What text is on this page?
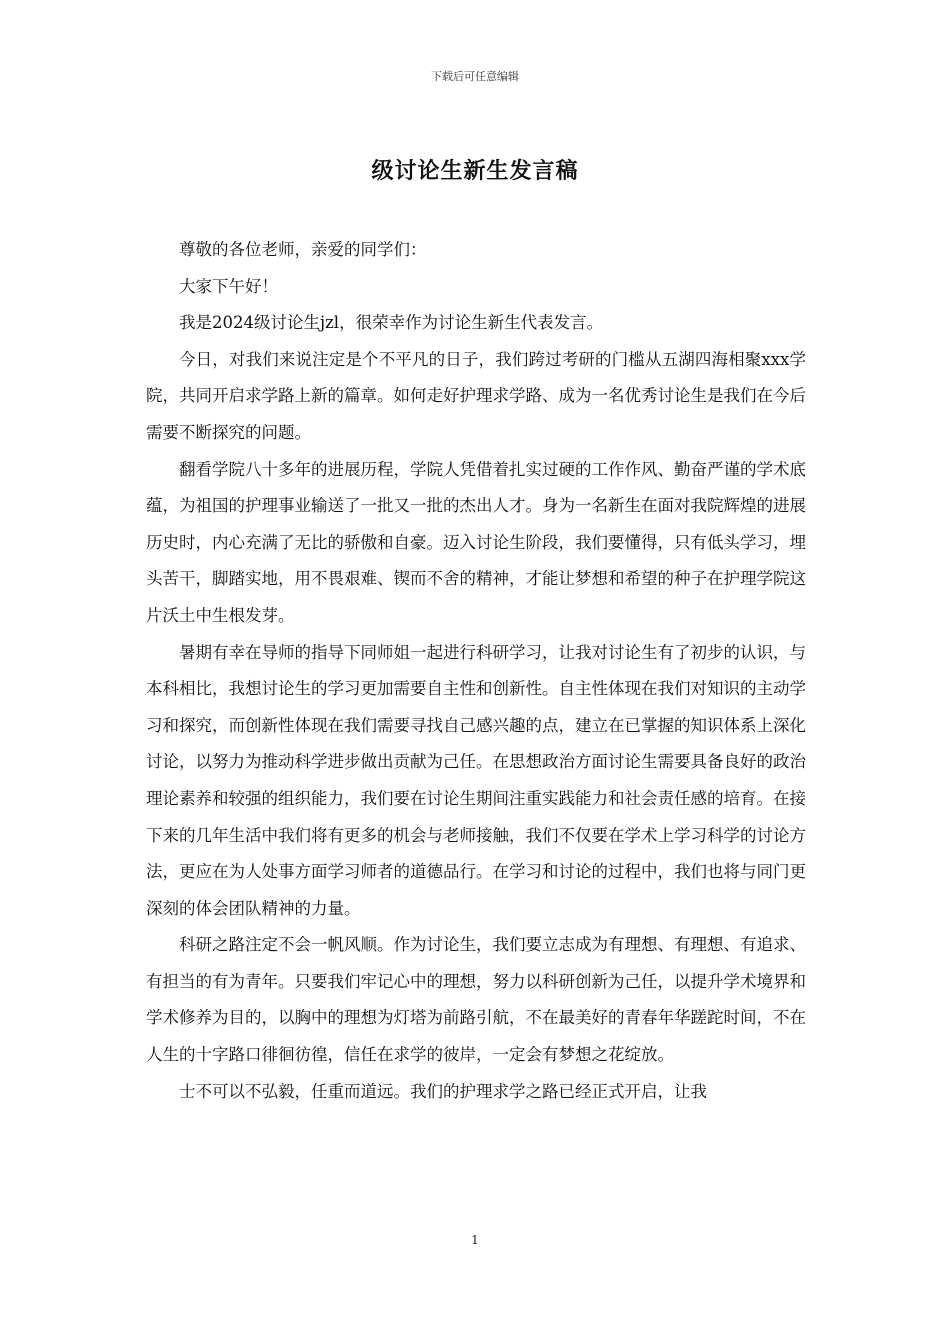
下载后可任意编辑
级讨论生新生发言稿

尊敬的各位老师，亲爱的同学们：

大家下午好！

我是2024级讨论生jzl，很荣幸作为讨论生新生代表发言。

今日，对我们来说注定是个不平凡的日子，我们跨过考研的门槛从五湖四海相聚xxx学院，共同开启求学路上新的篇章。如何走好护理求学路、成为一名优秀讨论生是我们在今后需要不断探究的问题。

翻看学院八十多年的进展历程，学院人凭借着扎实过硬的工作作风、勤奋严谨的学术底蕴，为祖国的护理事业输送了一批又一批的杰出人才。身为一名新生在面对我院辉煌的进展历史时，内心充满了无比的骄傲和自豪。迈入讨论生阶段，我们要懂得，只有低头学习，埋头苦干，脚踏实地，用不畏艰难、锲而不舍的精神，才能让梦想和希望的种子在护理学院这片沃土中生根发芽。

暑期有幸在导师的指导下同师姐一起进行科研学习，让我对讨论生有了初步的认识，与本科相比，我想讨论生的学习更加需要自主性和创新性。自主性体现在我们对知识的主动学习和探究，而创新性体现在我们需要寻找自己感兴趣的点，建立在已掌握的知识体系上深化讨论，以努力为推动科学进步做出贡献为己任。在思想政治方面讨论生需要具备良好的政治理论素养和较强的组织能力，我们要在讨论生期间注重实践能力和社会责任感的培育。在接下来的几年生活中我们将有更多的机会与老师接触，我们不仅要在学术上学习科学的讨论方法，更应在为人处事方面学习师者的道德品行。在学习和讨论的过程中，我们也将与同门更深刻的体会团队精神的力量。

科研之路注定不会一帆风顺。作为讨论生，我们要立志成为有理想、有理想、有追求、有担当的有为青年。只要我们牢记心中的理想，努力以科研创新为己任，以提升学术境界和学术修养为目的，以胸中的理想为灯塔为前路引航，不在最美好的青春年华蹉跎时间，不在人生的十字路口徘徊彷徨，信任在求学的彼岸，一定会有梦想之花绽放。

士不可以不弘毅，任重而道远。我们的护理求学之路已经正式开启，让我

1
